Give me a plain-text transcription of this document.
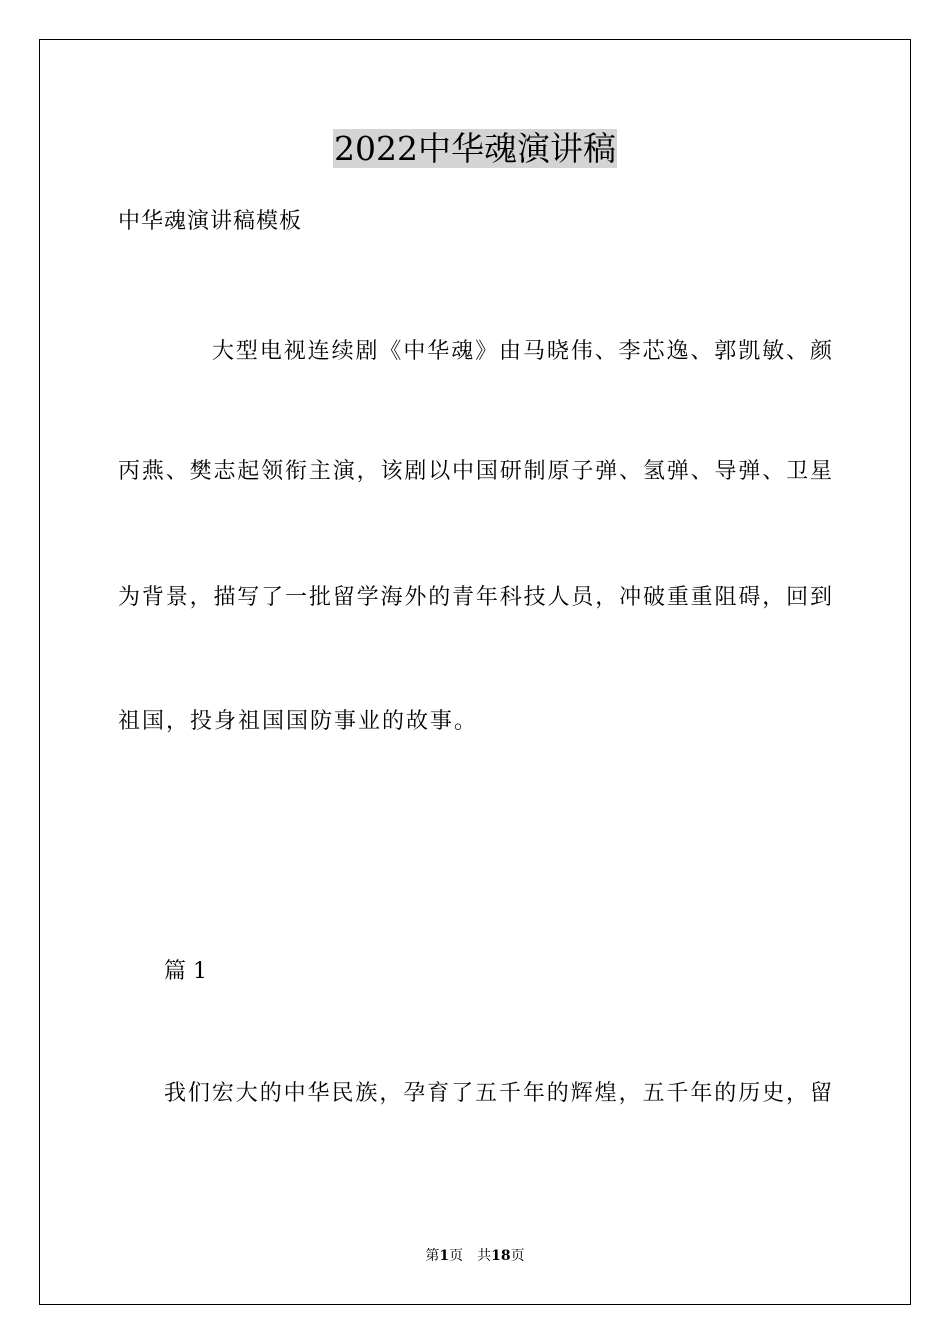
2022中华魂演讲稿
中华魂演讲稿模板
大型电视连续剧《中华魂》由马晓伟、李芯逸、郭凯敏、颜
丙燕、樊志起领衔主演，该剧以中国研制原子弹、氢弹、导弹、卫星
为背景，描写了一批留学海外的青年科技人员，冲破重重阻碍，回到
祖国，投身祖国国防事业的故事。
篇 1
我们宏大的中华民族，孕育了五千年的辉煌，五千年的历史，留
第1页　共18页
